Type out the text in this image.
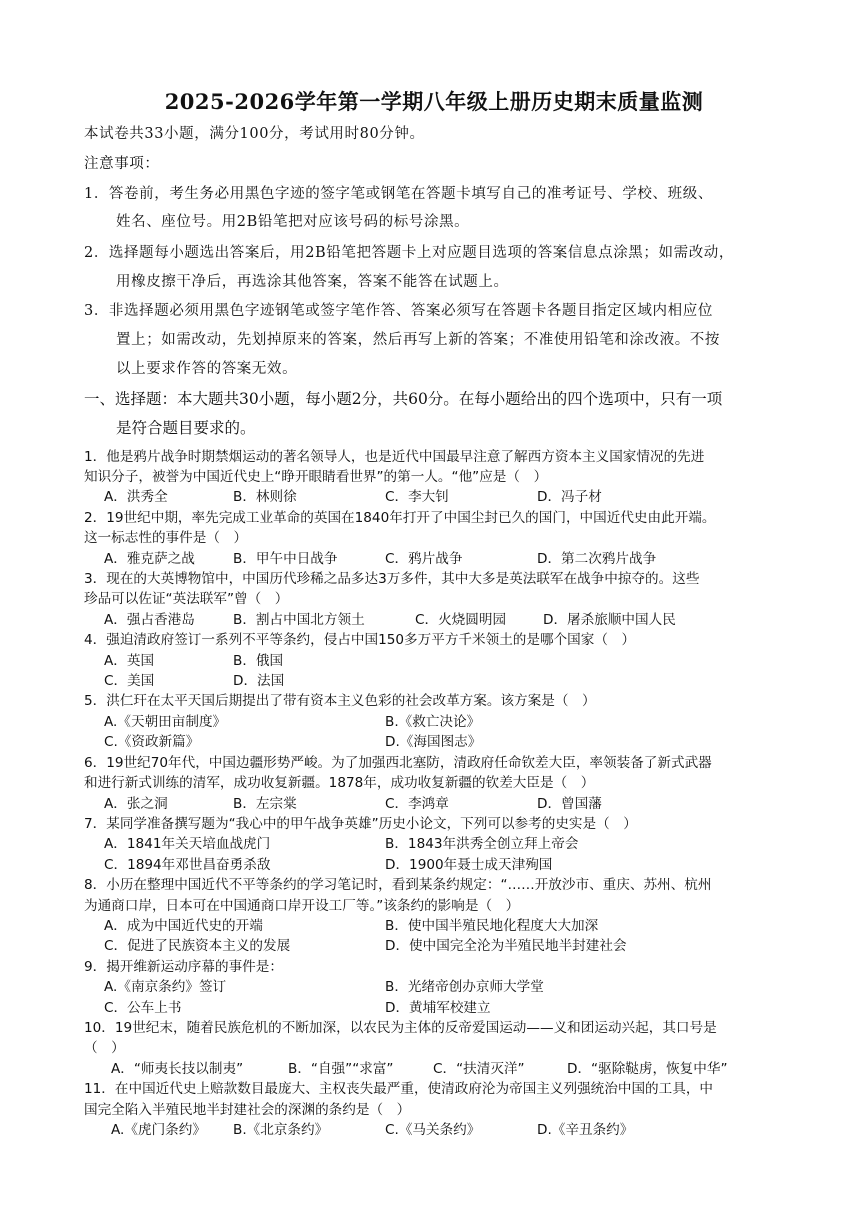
2025-2026学年第一学期八年级上册历史期末质量监测
本试卷共33小题，满分100分，考试用时80分钟。
注意事项：
1．答卷前，考生务必用黑色字迹的签字笔或钢笔在答题卡填写自己的准考证号、学校、班级、
姓名、座位号。用2B铅笔把对应该号码的标号涂黑。
2．选择题每小题选出答案后，用2B铅笔把答题卡上对应题目选项的答案信息点涂黑；如需改动，
用橡皮擦干净后，再选涂其他答案，答案不能答在试题上。
3．非选择题必须用黑色字迹钢笔或签字笔作答、答案必须写在答题卡各题目指定区域内相应位
置上；如需改动，先划掉原来的答案，然后再写上新的答案；不准使用铅笔和涂改液。不按
以上要求作答的答案无效。
一、选择题：本大题共30小题，每小题2分，共60分。在每小题给出的四个选项中，只有一项
是符合题目要求的。
1．他是鸦片战争时期禁烟运动的著名领导人，也是近代中国最早注意了解西方资本主义国家情况的先进
知识分子，被誉为中国近代史上“睁开眼睛看世界”的第一人。“他”应是（　）
A．洪秀全	B．林则徐	C．李大钊	D．冯子材
2．19世纪中期，率先完成工业革命的英国在1840年打开了中国尘封已久的国门，中国近代史由此开端。
这一标志性的事件是（　）
A．雅克萨之战	B．甲午中日战争	C．鸦片战争	D．第二次鸦片战争
3．现在的大英博物馆中，中国历代珍稀之品多达3万多件，其中大多是英法联军在战争中掠夺的。这些
珍品可以佐证“英法联军”曾（　）
A．强占香港岛	B．割占中国北方领土	C．火烧圆明园	D．屠杀旅顺中国人民
4．强迫清政府签订一系列不平等条约，侵占中国150多万平方千米领土的是哪个国家（　）
A．英国	B．俄国
C．美国	D．法国
5．洪仁玕在太平天国后期提出了带有资本主义色彩的社会改革方案。该方案是（　）
A.《天朝田亩制度》	B.《救亡决论》
C.《资政新篇》	D.《海国图志》
6．19世纪70年代，中国边疆形势严峻。为了加强西北塞防，清政府任命钦差大臣，率领装备了新式武器
和进行新式训练的清军，成功收复新疆。1878年，成功收复新疆的钦差大臣是（　）
A．张之洞	B．左宗棠	C．李鸿章	D．曾国藩
7．某同学准备撰写题为“我心中的甲午战争英雄”历史小论文，下列可以参考的史实是（　）
A．1841年关天培血战虎门	B．1843年洪秀全创立拜上帝会
C．1894年邓世昌奋勇杀敌	D．1900年聂士成天津殉国
8．小历在整理中国近代不平等条约的学习笔记时，看到某条约规定：“……开放沙市、重庆、苏州、杭州
为通商口岸，日本可在中国通商口岸开设工厂等。”该条约的影响是（　）
A．成为中国近代史的开端	B．使中国半殖民地化程度大大加深
C．促进了民族资本主义的发展	D．使中国完全沦为半殖民地半封建社会
9．揭开维新运动序幕的事件是：
A.《南京条约》签订	B．光绪帝创办京师大学堂
C．公车上书	D．黄埔军校建立
10．19世纪末，随着民族危机的不断加深，以农民为主体的反帝爱国运动——义和团运动兴起，其口号是
（　）
A．“师夷长技以制夷”	B．“自强”“求富”	C．“扶清灭洋”	D．“驱除鞑虏，恢复中华”
11．在中国近代史上赔款数目最庞大、主权丧失最严重，使清政府沦为帝国主义列强统治中国的工具，中
国完全陷入半殖民地半封建社会的深渊的条约是（　）
A.《虎门条约》 B.《北京条约》	C.《马关条约》	D.《辛丑条约》
